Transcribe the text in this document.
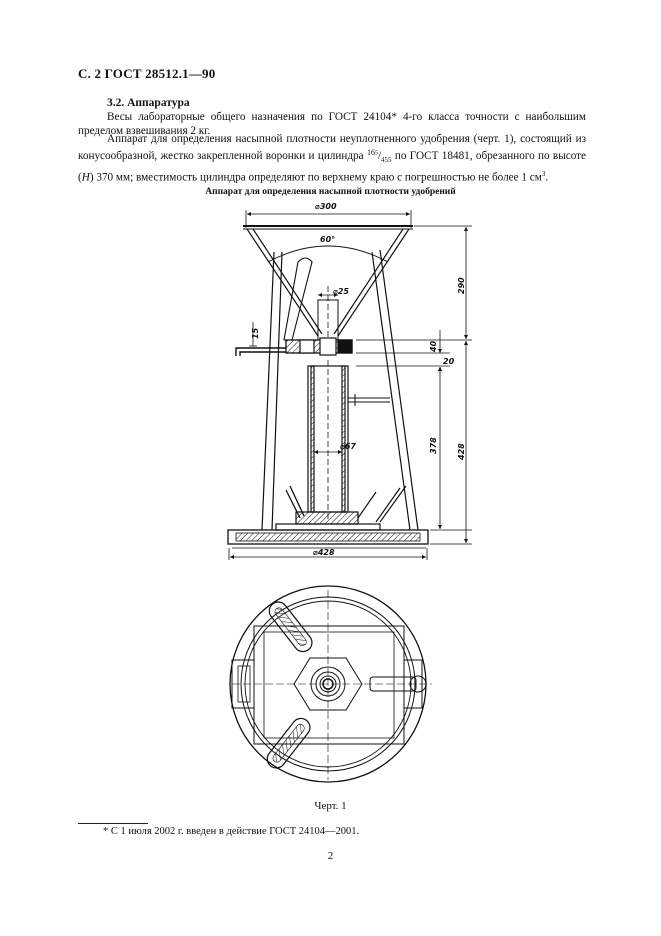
С. 2 ГОСТ 28512.1—90
3.2. Аппаратура
Весы лабораторные общего назначения по ГОСТ 24104* 4-го класса точности с наибольшим пределом взвешивания 2 кг.
Аппарат для определения насыпной плотности неуплотненного удобрения (черт. 1), состоящий из конусообразной, жестко закрепленной воронки и цилиндра $^{165}/_{455}$ по ГОСТ 18481, обрезанного по высоте (H) 370 мм; вместимость цилиндра определяют по верхнему краю с погрешностью не более 1 $см^3$.
Аппарат для определения насыпной плотности удобрений
⌀300
60°
⌀25
15
290
40
20
⌀67	378 428
⌀428
Черт. 1
* С 1 июля 2002 г. введен в действие ГОСТ 24104—2001.
2
